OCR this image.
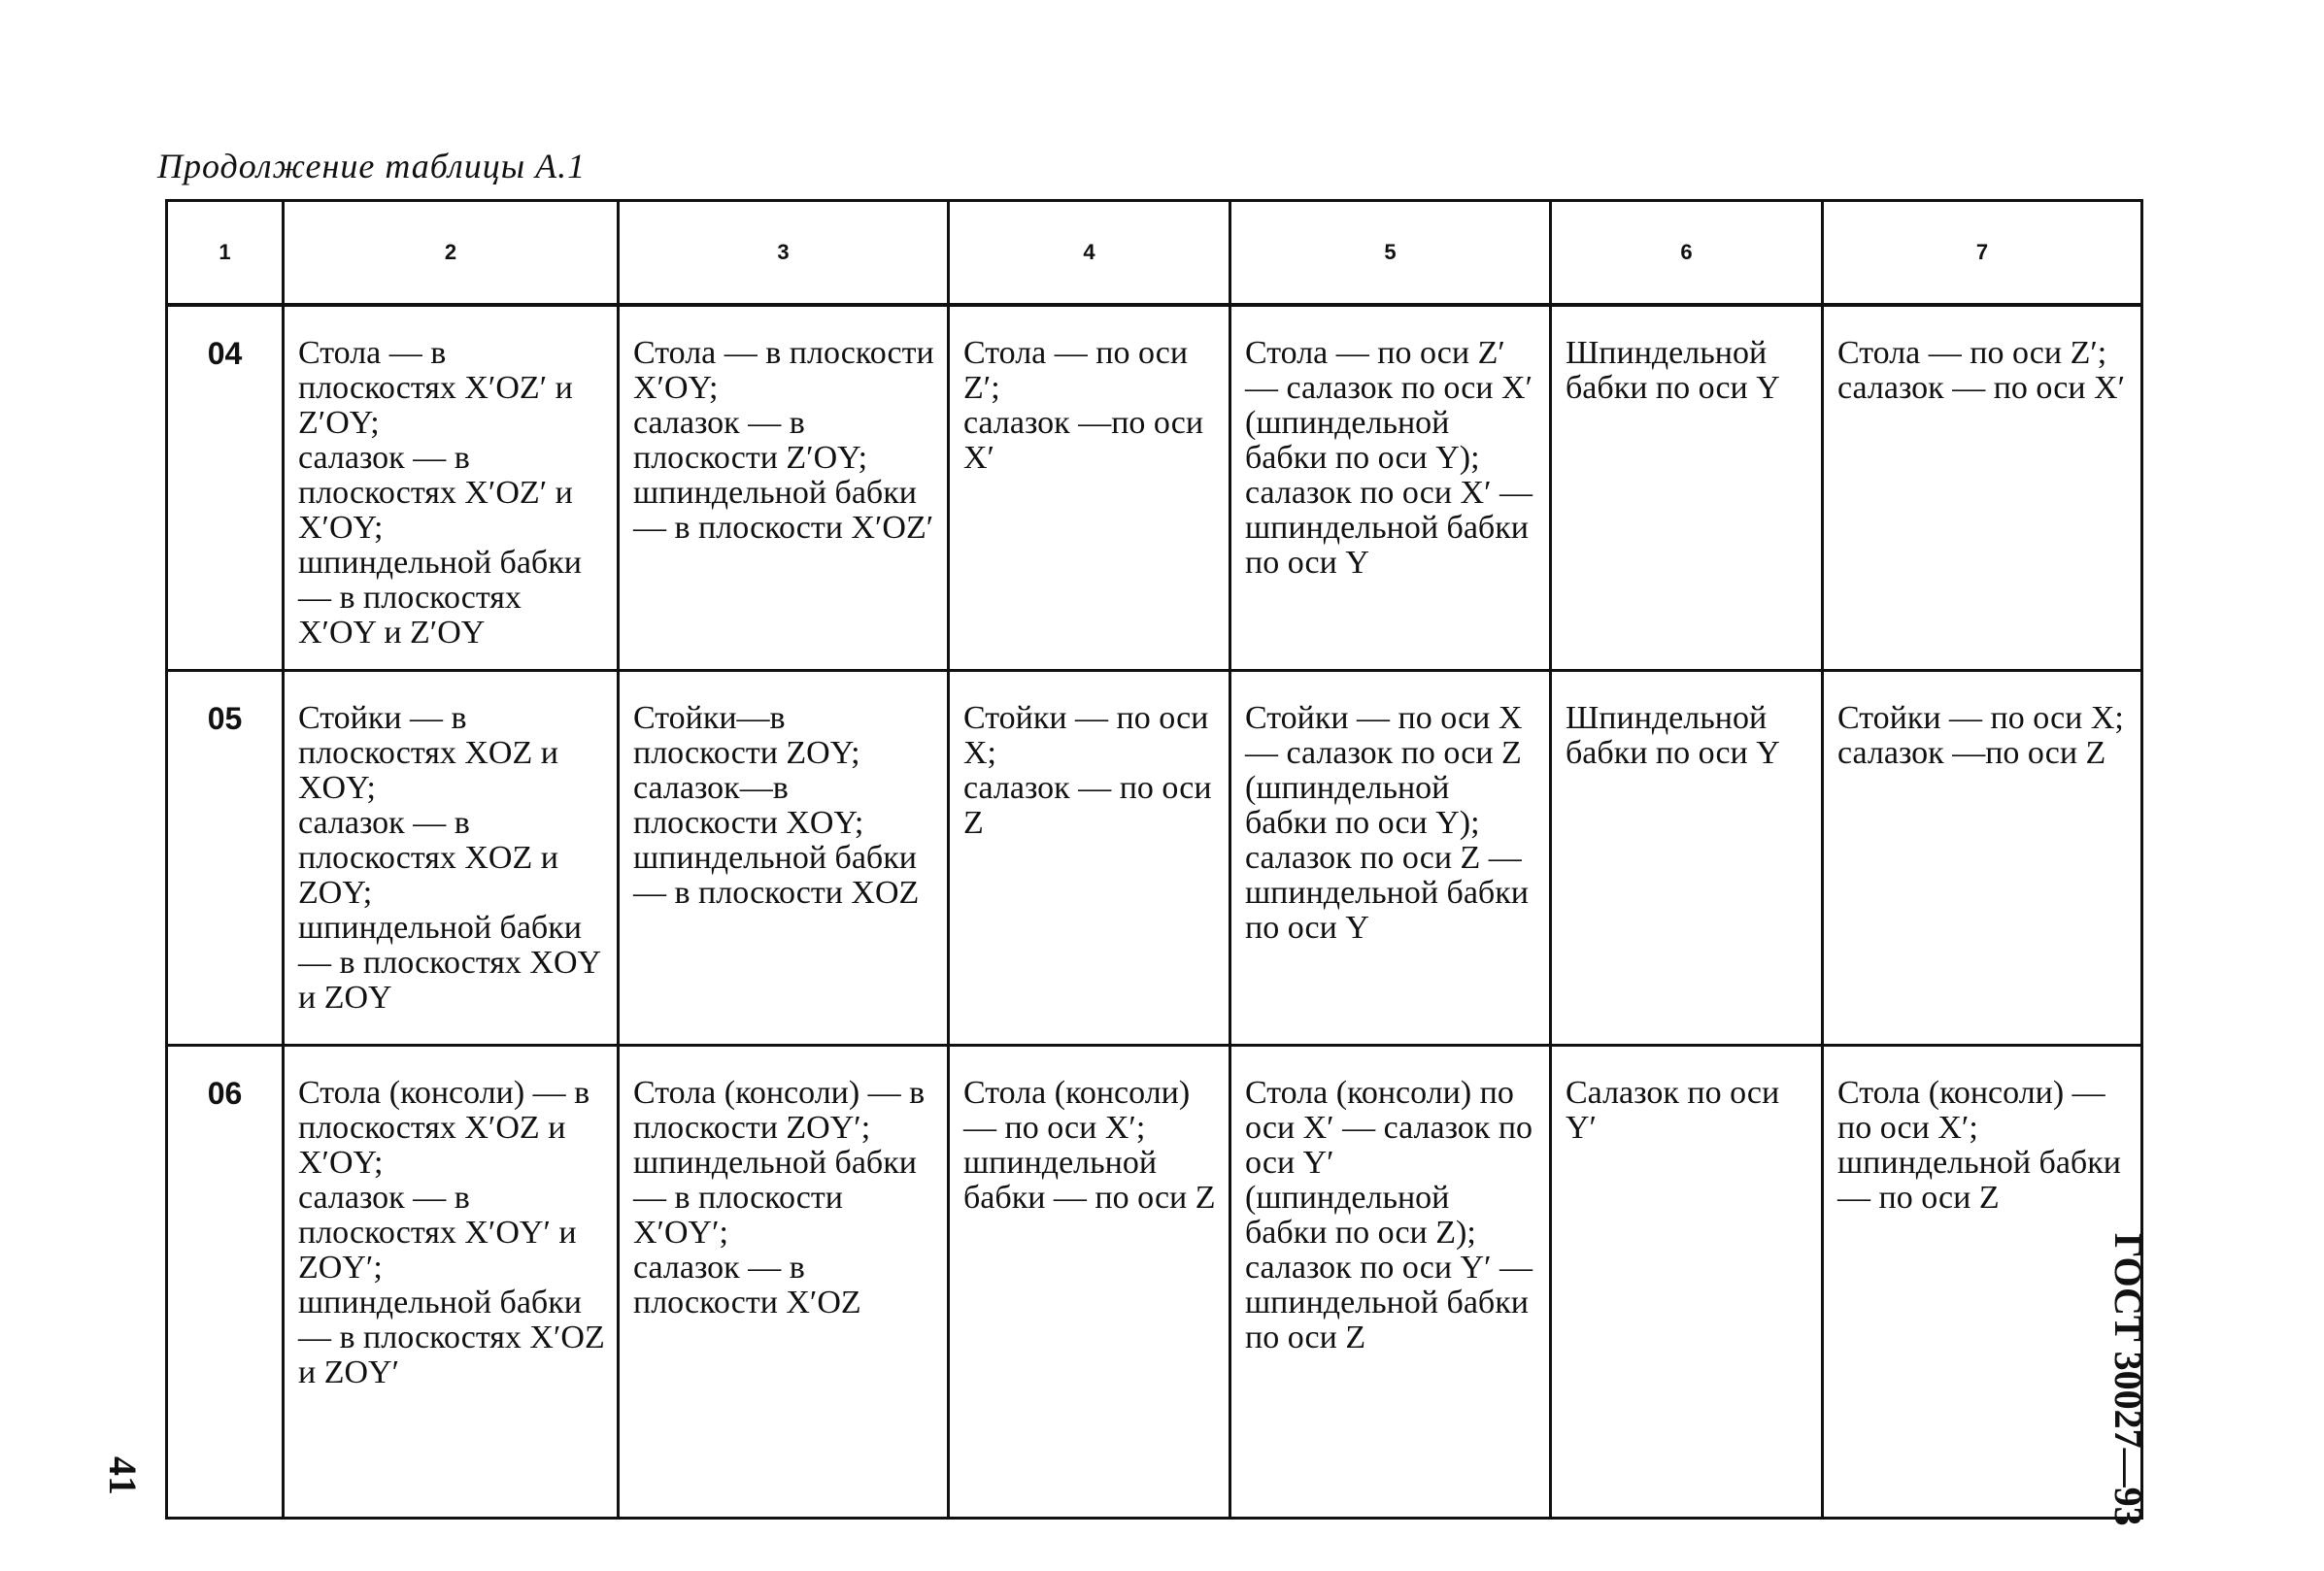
Продолжение таблицы А.1
1	2	3	4	5	6	7
04	Стола — в плоскостях X′OZ′ и Z′OY;
салазок — в плоскостях X′OZ′ и X′OY;
шпиндельной бабки — в плоскостях X′OY и Z′OY	Стола — в плоскости X′OY;
салазок — в плоскости Z′OY;
шпиндельной бабки — в плоскости X′OZ′	Стола — по оси Z′;
салазок —по оси X′	Стола — по оси Z′ — салазок по оси X′ (шпиндельной бабки по оси Y);
салазок по оси X′ — шпиндельной бабки по оси Y	Шпиндельной бабки по оси Y	Стола — по оси Z′;
салазок — по оси X′
05	Стойки — в плоскостях XOZ и XOY;
салазок — в плоскостях XOZ и ZOY;
шпиндельной бабки — в плоскостях XOY и ZOY	Стойки—в плоскости ZOY;
салазок—в плоскости XOY;
шпиндельной бабки — в плоскости XOZ	Стойки — по оси X;
салазок — по оси Z	Стойки — по оси X — салазок по оси Z (шпиндельной бабки по оси Y);
салазок по оси Z — шпиндельной бабки по оси Y	Шпиндельной бабки по оси Y	Стойки — по оси X;
салазок —по оси Z
06	Стола (консоли) — в плоскостях X′OZ и X′OY;
салазок — в плоскостях X′OY′ и ZOY′;
шпиндельной бабки — в плоскостях X′OZ и ZOY′	Стола (консоли) — в плоскости ZOY′;
шпиндельной бабки — в плоскости X′OY′;
салазок — в плоскости X′OZ	Стола (консоли) — по оси X′;
шпиндельной бабки — по оси Z	Стола (консоли) по оси X′ — салазок по оси Y′ (шпиндельной бабки по оси Z);
салазок по оси Y′ — шпиндельной бабки по оси Z	Салазок по оси Y′	Стола (консоли) — по оси X′;
шпиндельной бабки — по оси Z
ГОСТ 30027—93
41
